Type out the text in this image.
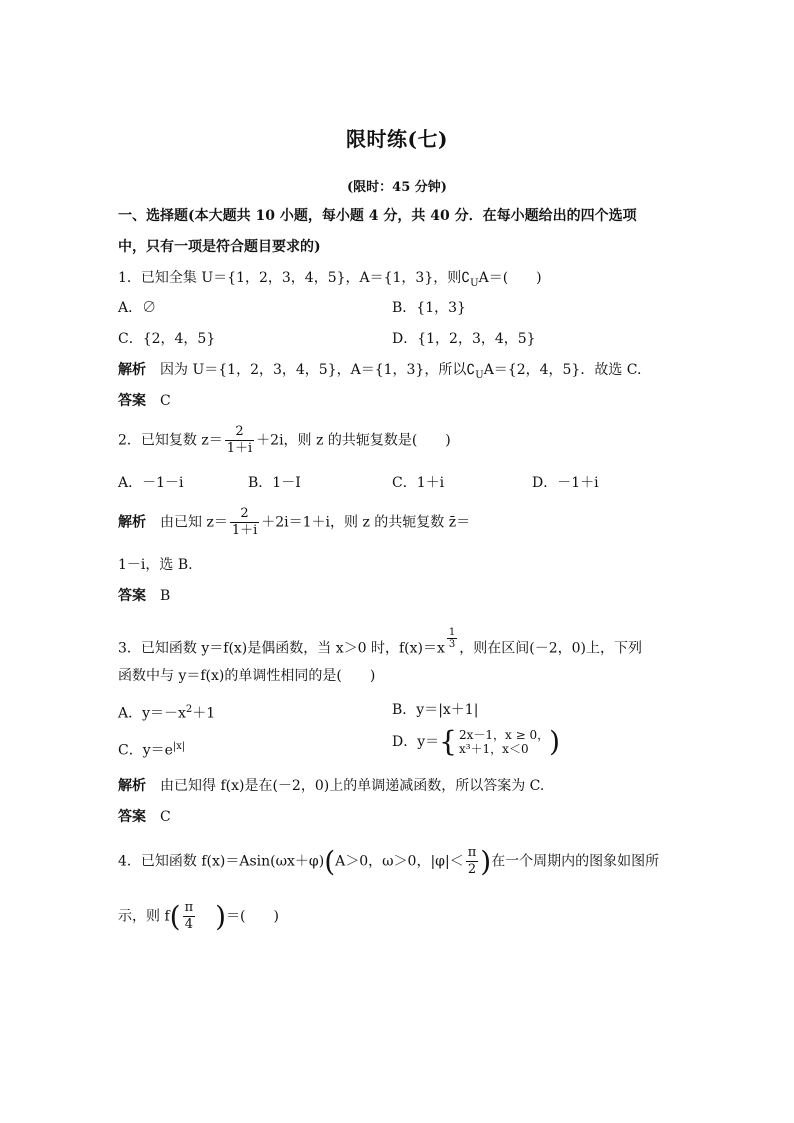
限时练(七)
(限时：45 分钟)
一、选择题(本大题共 10 小题，每小题 4 分，共 40 分．在每小题给出的四个选项
中，只有一项是符合题目要求的)
1．已知全集 U＝{1，2，3，4，5}，A＝{1，3}，则$∁_UA=$(　　)
A．∅	B．{1，3}
C．{2，4，5}	D．{1，2，3，4，5}
解析　 因为 U＝{1，2，3，4，5}，A＝{1，3}，所以$∁_UA=\{2$，4，5}．故选 C.
答案　 C
2．已知复数 $z= \frac{2}{1+i} +2i$，则 z 的共轭复数是(　　)
A．－1－i	B．1－I	C．1＋i	D．－1＋i
解析　 由已知 $z= \frac{2}{1+i} +2i=1+i$，则 z 的共轭复数 z̄＝
1－i，选 B.
答案　 B
3．已知函数 y＝f(x)是偶函数，当 x＞0 时，$f(x)=x \frac{1}{3}$ ，则在区间(－2，0)上，下列
函数中与 y＝f(x)的单调性相同的是(　　)
A．$y=-x^2+1$	B．y＝|x＋1|
C．$y=e^{|x|}$	D．y＝{ 2x－1，x ≥ 0，
x³＋1，x＜0 )
解析　 由已知得 f(x)是在(－2，0)上的单调递减函数，所以答案为 C.
答案　 C
4．已知函数 f(x)＝Asin(ωx＋φ)(A＞0，ω＞0，$|\varphi|< \frac{\pi}{2}$ )在一个周期内的图象如图所
示，则 $f( \frac{\pi}{4}$ )＝(　　)
